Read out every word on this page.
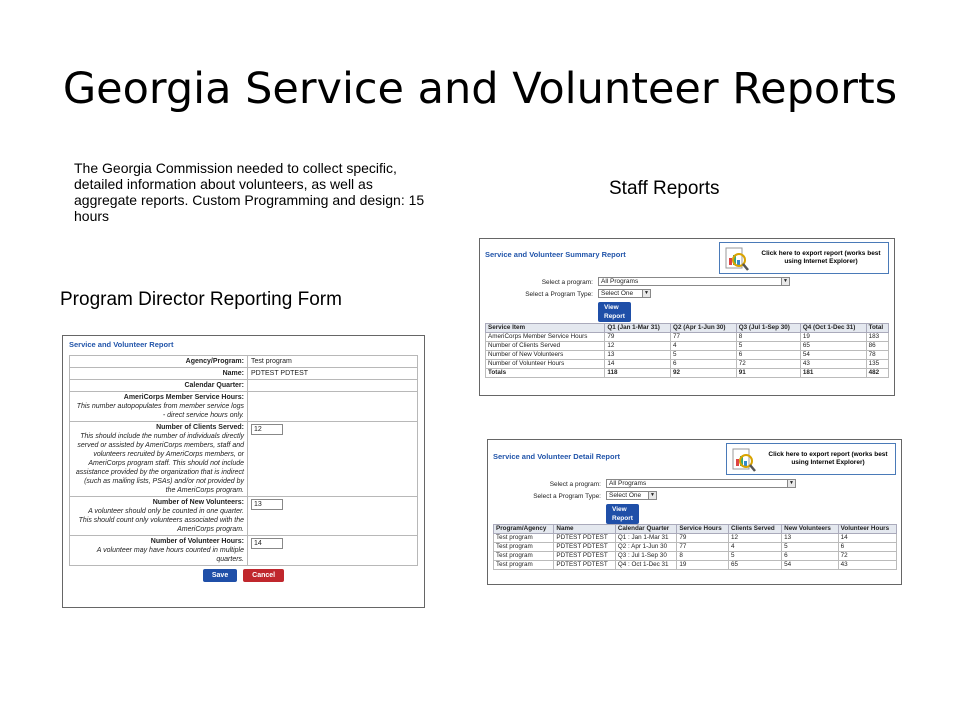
Georgia Service and Volunteer Reports
The Georgia Commission needed to collect specific, detailed information about volunteers, as well as aggregate reports. Custom Programming and design: 15 hours
Staff Reports
Program Director Reporting Form
Service and Volunteer Report
Agency/Program:	Test program

Name:	PDTEST PDTEST

Calendar Quarter:	

AmeriCorps Member Service Hours:
This number autopopulates from member service logs - direct service hours only.	

Number of Clients Served:
This should include the number of individuals directly served or assisted by AmeriCorps members, staff and volunteers recruited by AmeriCorps members, or AmeriCorps program staff. This should not include assistance provided by the organization that is indirect (such as mailing lists, PSAs) and/or not provided by the AmeriCorps program.	12

Number of New Volunteers:
A volunteer should only be counted in one quarter. This should count only volunteers associated with the AmeriCorps program.	13

Number of Volunteer Hours:
A volunteer may have hours counted in multiple quarters.	14
Save	Cancel
Service and Volunteer Summary Report	Click here to export report (works best using Internet Explorer)
Select a program:	All Programs	▼
Select a Program Type:	Select One	▼
View Report
Service Item	Q1 (Jan 1-Mar 31)	Q2 (Apr 1-Jun 30)	Q3 (Jul 1-Sep 30)	Q4 (Oct 1-Dec 31)	Total
AmeriCorps Member Service Hours	79	77	8	19	183
Number of Clients Served	12	4	5	65	86
Number of New Volunteers	13	5	6	54	78
Number of Volunteer Hours	14	6	72	43	135
Totals	118	92	91	181	482
Service and Volunteer Detail Report	Click here to export report (works best using Internet Explorer)
Select a program:	All Programs	▼
Select a Program Type:	Select One	▼
View Report
Program/Agency	Name	Calendar Quarter	Service Hours	Clients Served	New Volunteers	Volunteer Hours
Test program	PDTEST PDTEST	Q1 : Jan 1-Mar 31	79	12	13	14
Test program	PDTEST PDTEST	Q2 : Apr 1-Jun 30	77	4	5	6
Test program	PDTEST PDTEST	Q3 : Jul 1-Sep 30	8	5	6	72
Test program	PDTEST PDTEST	Q4 : Oct 1-Dec 31	19	65	54	43
